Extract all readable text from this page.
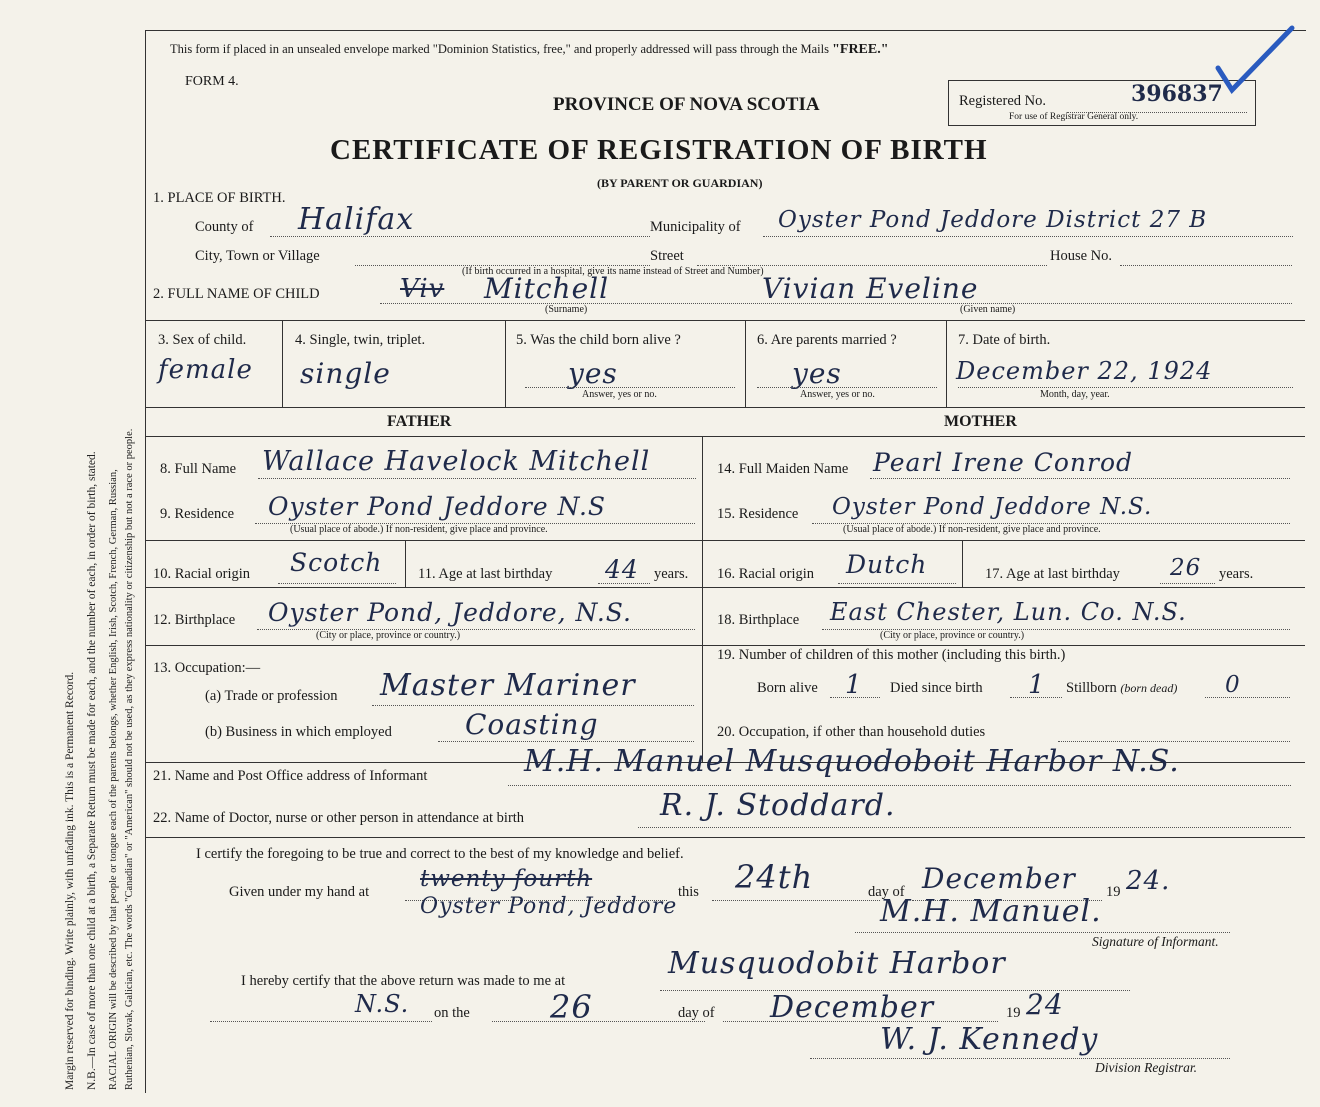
Margin reserved for binding. Write plainly, with unfading ink. This is a Permanent Record. N.B.—In case of more than one child at a birth, a Separate Return must be made for each, and the number of each, in order of birth, stated. RACIAL ORIGIN will be described by that people or tongue each of the parents belongs, whether English, Irish, Scotch, French, German, Russian, Ruthenian, Slovak, Galician, etc. The words "Canadian" or "American" should not be used, as they express nationality or citizenship but not a race or people.
This form if placed in an unsealed envelope marked "Dominion Statistics, free," and properly addressed will pass through the Mails "FREE."
FORM 4.
PROVINCE OF NOVA SCOTIA
CERTIFICATE OF REGISTRATION OF BIRTH
(BY PARENT OR GUARDIAN)
Registered No.	396837
For use of Registrar General only.
1. PLACE OF BIRTH.
County of Halifax	Municipality of Oyster Pond Jeddore District 27 B
City, Town or Village	Street	House No.
(If birth occurred in a hospital, give its name instead of Street and Number)
2. FULL NAME OF CHILD	Viv Mitchell	Vivian Eveline
(Surname)	(Given name)
3. Sex of child.
female
4. Single, twin, triplet.
single
5. Was the child born alive ?
yes
Answer, yes or no.
6. Are parents married ?
yes
Answer, yes or no.
7. Date of birth.
December 22, 1924
Month, day, year.
FATHER	MOTHER
8. Full Name Wallace Havelock Mitchell
9. Residence Oyster Pond Jeddore N.S
(Usual place of abode.) If non-resident, give place and province.
10. Racial origin Scotch 11. Age at last birthday 44 years.
12. Birthplace Oyster Pond, Jeddore, N.S.
(City or place, province or country.)
13. Occupation:—
(a) Trade or profession Master Mariner
(b) Business in which employed	Coasting
14. Full Maiden Name Pearl Irene Conrod
15. Residence Oyster Pond Jeddore N.S.
(Usual place of abode.) If non-resident, give place and province.
16. Racial origin Dutch	17. Age at last birthday 26 years.
18. Birthplace East Chester, Lun. Co. N.S.
(City or place, province or country.)
19. Number of children of this mother (including this birth.)
Born alive 1 Died since birth 1 Stillborn (born dead) 0
20. Occupation, if other than household duties
21. Name and Post Office address of Informant	M.H. Manuel Musquodoboit Harbor N.S.
22. Name of Doctor, nurse or other person in attendance at birth	R. J. Stoddard.
I certify the foregoing to be true and correct to the best of my knowledge and belief.
Given under my hand at twenty fourth
Oyster Pond, Jeddore
this 24th	day of December 19 24.
M.H. Manuel.
Signature of Informant.
I hereby certify that the above return was made to me at	Musquodobit Harbor
N.S. on the	26	day of December	19 24
W. J. Kennedy
Division Registrar.
